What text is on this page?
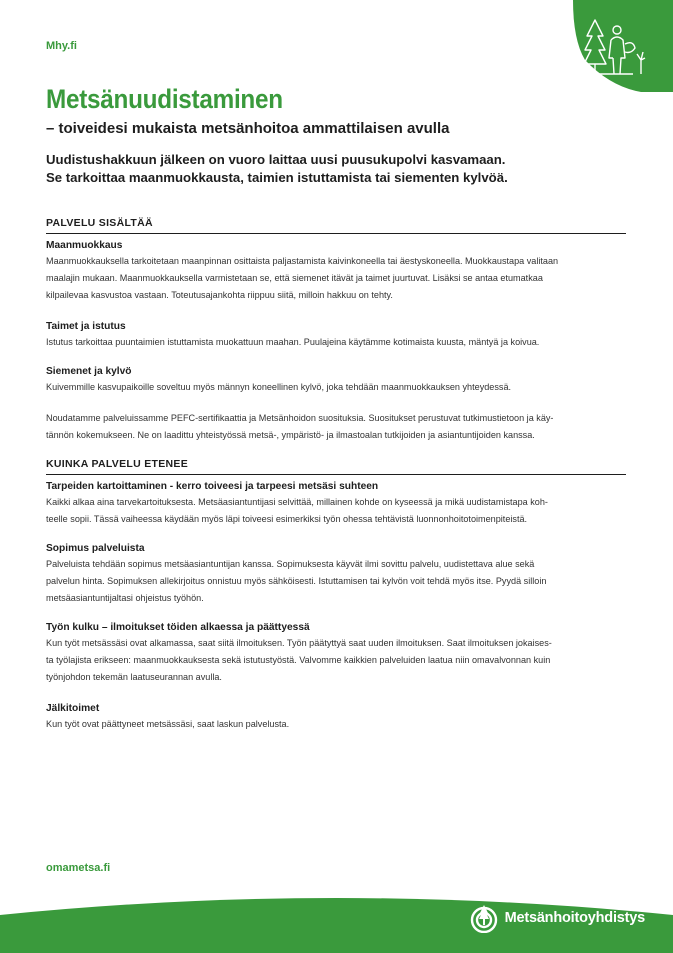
Mhy.fi
Metsänuudistaminen
– toiveidesi mukaista metsänhoitoa ammattilaisen avulla
Uudistushakkuun jälkeen on vuoro laittaa uusi puusukupolvi kasvamaan.
Se tarkoittaa maanmuokkausta, taimien istuttamista tai siementen kylvöä.
PALVELU SISÄLTÄÄ
Maanmuokkaus
Maanmuokkauksella tarkoitetaan maanpinnan osittaista paljastamista kaivinkoneella tai äestyskoneella. Muokkaustapa valitaan
maalajin mukaan. Maanmuokkauksella varmistetaan se, että siemenet itävät ja taimet juurtuvat. Lisäksi se antaa etumatkaa
kilpailevaa kasvustoa vastaan. Toteutusajankohta riippuu siitä, milloin hakkuu on tehty.
Taimet ja istutus
Istutus tarkoittaa puuntaimien istuttamista muokattuun maahan. Puulajeina käytämme kotimaista kuusta, mäntyä ja koivua.
Siemenet ja kylvö
Kuivemmille kasvupaikoille soveltuu myös männyn koneellinen kylvö, joka tehdään maanmuokkauksen yhteydessä.
Noudatamme palveluissamme PEFC-sertifikaattia ja Metsänhoidon suosituksia. Suositukset perustuvat tutkimustietoon ja käy-
tännön kokemukseen. Ne on laadittu yhteistyössä metsä-, ympäristö- ja ilmastoalan tutkijoiden ja asiantuntijoiden kanssa.
KUINKA PALVELU ETENEE
Tarpeiden kartoittaminen - kerro toiveesi ja tarpeesi metsäsi suhteen
Kaikki alkaa aina tarvekartoituksesta. Metsäasiantuntijasi selvittää, millainen kohde on kyseessä ja mikä uudistamistapa koh-
teelle sopii. Tässä vaiheessa käydään myös läpi toiveesi esimerkiksi työn ohessa tehtävistä luonnonhoitotoimenpiteistä.
Sopimus palveluista
Palveluista tehdään sopimus metsäasiantuntijan kanssa. Sopimuksesta käyvät ilmi sovittu palvelu, uudistettava alue sekä
palvelun hinta. Sopimuksen allekirjoitus onnistuu myös sähköisesti. Istuttamisen tai kylvön voit tehdä myös itse. Pyydä silloin
metsäasiantuntijaltasi ohjeistus työhön.
Työn kulku – ilmoitukset töiden alkaessa ja päättyessä
Kun työt metsässäsi ovat alkamassa, saat siitä ilmoituksen. Työn päätyttyä saat uuden ilmoituksen. Saat ilmoituksen jokaises-
ta työlajista erikseen: maanmuokkauksesta sekä istutustyöstä. Valvomme kaikkien palveluiden laatua niin omavalvonnan kuin
työnjohdon tekemän laatuseurannan avulla.
Jälkitoimet
Kun työt ovat päättyneet metsässäsi, saat laskun palvelusta.
omametsa.fi
Metsänhoitoyhdistys
